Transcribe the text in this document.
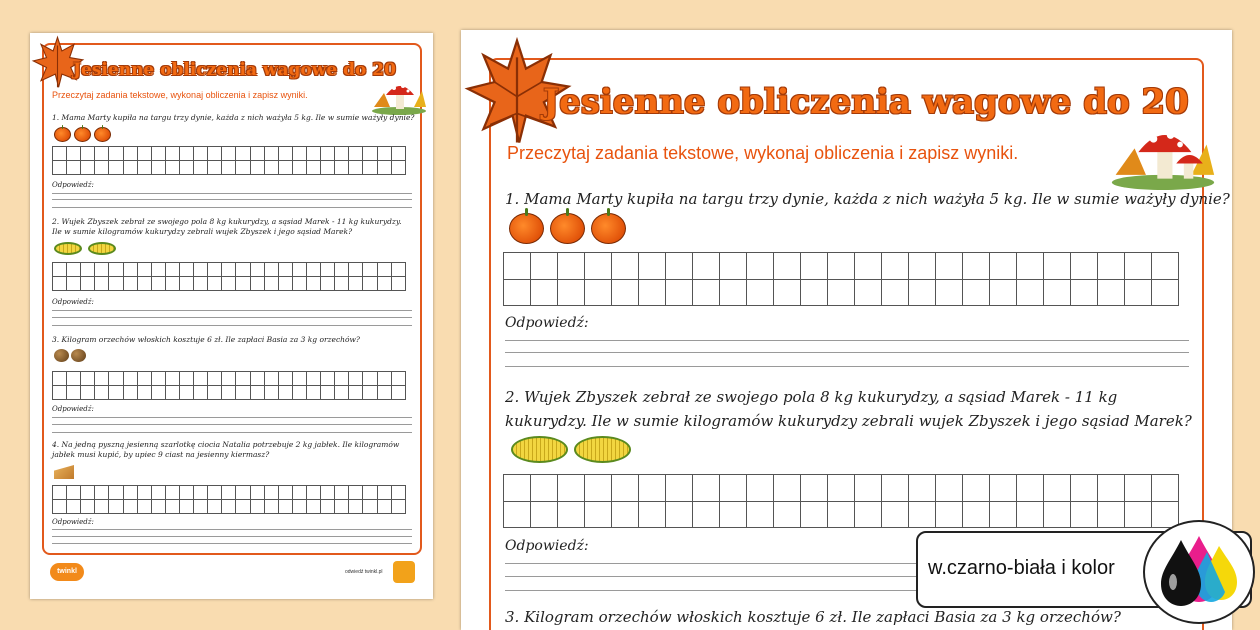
Jesienne obliczenia wagowe do 20
Przeczytaj zadania tekstowe, wykonaj obliczenia i zapisz wyniki.
1. Mama Marty kupiła na targu trzy dynie, każda z nich ważyła 5 kg. Ile w sumie ważyły dynie?

Odpowiedź:
2. Wujek Zbyszek zebrał ze swojego pola 8 kg kukurydzy, a sąsiad Marek - 11 kg kukurydzy. Ile w sumie kilogramów kukurydzy zebrali wujek Zbyszek i jego sąsiad Marek?

Odpowiedź:
3. Kilogram orzechów włoskich kosztuje 6 zł. Ile zapłaci Basia za 3 kg orzechów?

Odpowiedź:
4. Na jedną pyszną jesienną szarlotkę ciocia Natalia potrzebuje 2 kg jabłek. Ile kilogramów jabłek musi kupić, by upiec 9 ciast na jesienny kiermasz?

Odpowiedź:
twinkl	odwiedź twinkl.pl
Jesienne obliczenia wagowe do 20
Przeczytaj zadania tekstowe, wykonaj obliczenia i zapisz wyniki.
1. Mama Marty kupiła na targu trzy dynie, każda z nich ważyła 5 kg. Ile w sumie ważyły dynie?

Odpowiedź:
2. Wujek Zbyszek zebrał ze swojego pola 8 kg kukurydzy, a sąsiad Marek - 11 kg kukurydzy. Ile w sumie kilogramów kukurydzy zebrali wujek Zbyszek i jego sąsiad Marek?

Odpowiedź:
3. Kilogram orzechów włoskich kosztuje 6 zł. Ile zapłaci Basia za 3 kg orzechów?
w.czarno-biała i kolor
